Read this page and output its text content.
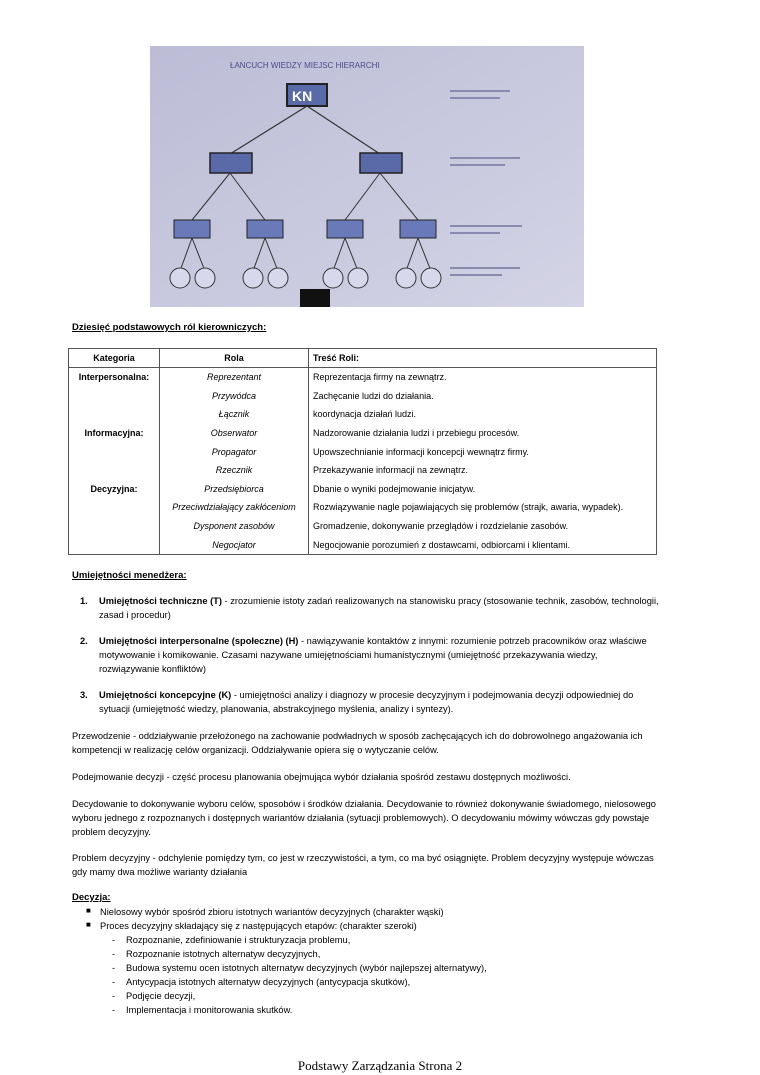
ŁANCUCH WIEDZY MIEJSC HIERARCHI
KN
Dziesięć podstawowych ról kierowniczych:
Kategoria	Rola	Treść Roli:
Interpersonalna:	Reprezentant	Reprezentacja firmy na zewnątrz.
	Przywódca	Zachęcanie ludzi do działania.
	Łącznik	koordynacja działań ludzi.
Informacyjna:	Obserwator	Nadzorowanie działania ludzi i przebiegu procesów.
	Propagator	Upowszechnianie informacji koncepcji wewnątrz firmy.
	Rzecznik	Przekazywanie informacji na zewnątrz.
Decyzyjna:	Przedsiębiorca	Dbanie o wyniki podejmowanie inicjatyw.
	Przeciwdziałający zakłóceniom	Rozwiązywanie nagle pojawiających się problemów (strajk, awaria, wypadek).
	Dysponent zasobów	Gromadzenie, dokonywanie przeglądów i rozdzielanie zasobów.
	Negocjator	Negocjowanie porozumień z dostawcami, odbiorcami i klientami.
Umiejętności menedżera:
1. Umiejętności techniczne (T) - zrozumienie istoty zadań realizowanych na stanowisku pracy (stosowanie technik, zasobów, technologii, zasad i procedur)
2. Umiejętności interpersonalne (społeczne) (H) - nawiązywanie kontaktów z innymi: rozumienie potrzeb pracowników oraz właściwe motywowanie i komikowanie. Czasami nazywane umiejętnościami humanistycznymi (umiejętność przekazywania wiedzy, rozwiązywanie konfliktów)
3. Umiejętności koncepcyjne (K) - umiejętności analizy i diagnozy w procesie decyzyjnym i podejmowania decyzji odpowiedniej do sytuacji (umiejętność wiedzy, planowania, abstrakcyjnego myślenia, analizy i syntezy).
Przewodzenie - oddziaływanie przełożonego na zachowanie podwładnych w sposób zachęcających ich do dobrowolnego angażowania ich kompetencji w realizację celów organizacji. Oddziaływanie opiera się o wytyczanie celów.
Podejmowanie decyzji - część procesu planowania obejmująca wybór działania spośród zestawu dostępnych możliwości.
Decydowanie to dokonywanie wyboru celów, sposobów i środków działania. Decydowanie to również dokonywanie świadomego, nielosowego wyboru jednego z rozpoznanych i dostępnych wariantów działania (sytuacji problemowych). O decydowaniu mówimy wówczas gdy powstaje problem decyzyjny.
Problem decyzyjny - odchylenie pomiędzy tym, co jest w rzeczywistości, a tym, co ma być osiągnięte. Problem decyzyjny występuje wówczas gdy mamy dwa możliwe warianty działania
Decyzja:
■ Nielosowy wybór spośród zbioru istotnych wariantów decyzyjnych (charakter wąski)
■ Proces decyzyjny składający się z następujących etapów: (charakter szeroki)
- Rozpoznanie, zdefiniowanie i strukturyzacja problemu,
- Rozpoznanie istotnych alternatyw decyzyjnych,
- Budowa systemu ocen istotnych alternatyw decyzyjnych (wybór najlepszej alternatywy),
- Antycypacja istotnych alternatyw decyzyjnych (antycypacja skutków),
- Podjęcie decyzji,
- Implementacja i monitorowania skutków.
Podstawy Zarządzania Strona 2
